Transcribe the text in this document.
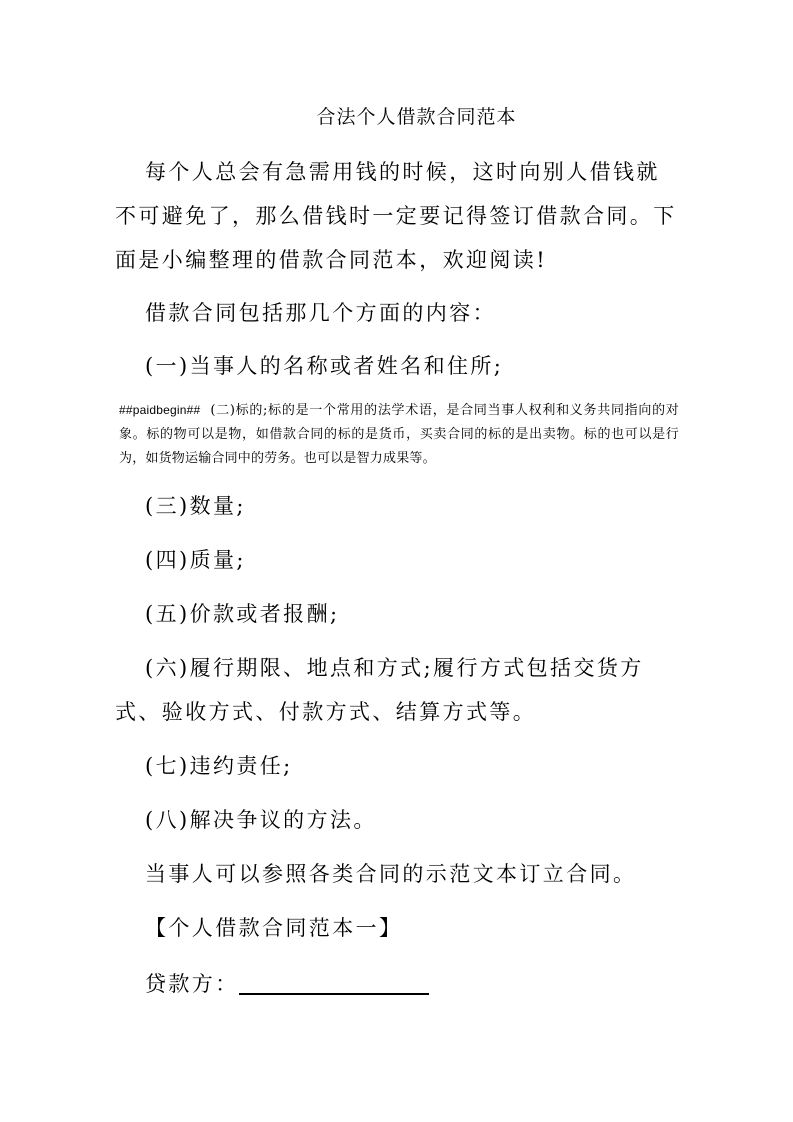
合法个人借款合同范本
每个人总会有急需用钱的时候，这时向别人借钱就不可避免了，那么借钱时一定要记得签订借款合同。下面是小编整理的借款合同范本，欢迎阅读!
借款合同包括那几个方面的内容：
(一)当事人的名称或者姓名和住所;
##paidbegin## (二)标的;标的是一个常用的法学术语，是合同当事人权利和义务共同指向的对象。标的物可以是物，如借款合同的标的是货币，买卖合同的标的是出卖物。标的也可以是行为，如货物运输合同中的劳务。也可以是智力成果等。
(三)数量;
(四)质量;
(五)价款或者报酬;
(六)履行期限、地点和方式;履行方式包括交货方式、验收方式、付款方式、结算方式等。
(七)违约责任;
(八)解决争议的方法。
当事人可以参照各类合同的示范文本订立合同。
【个人借款合同范本一】
贷款方：
